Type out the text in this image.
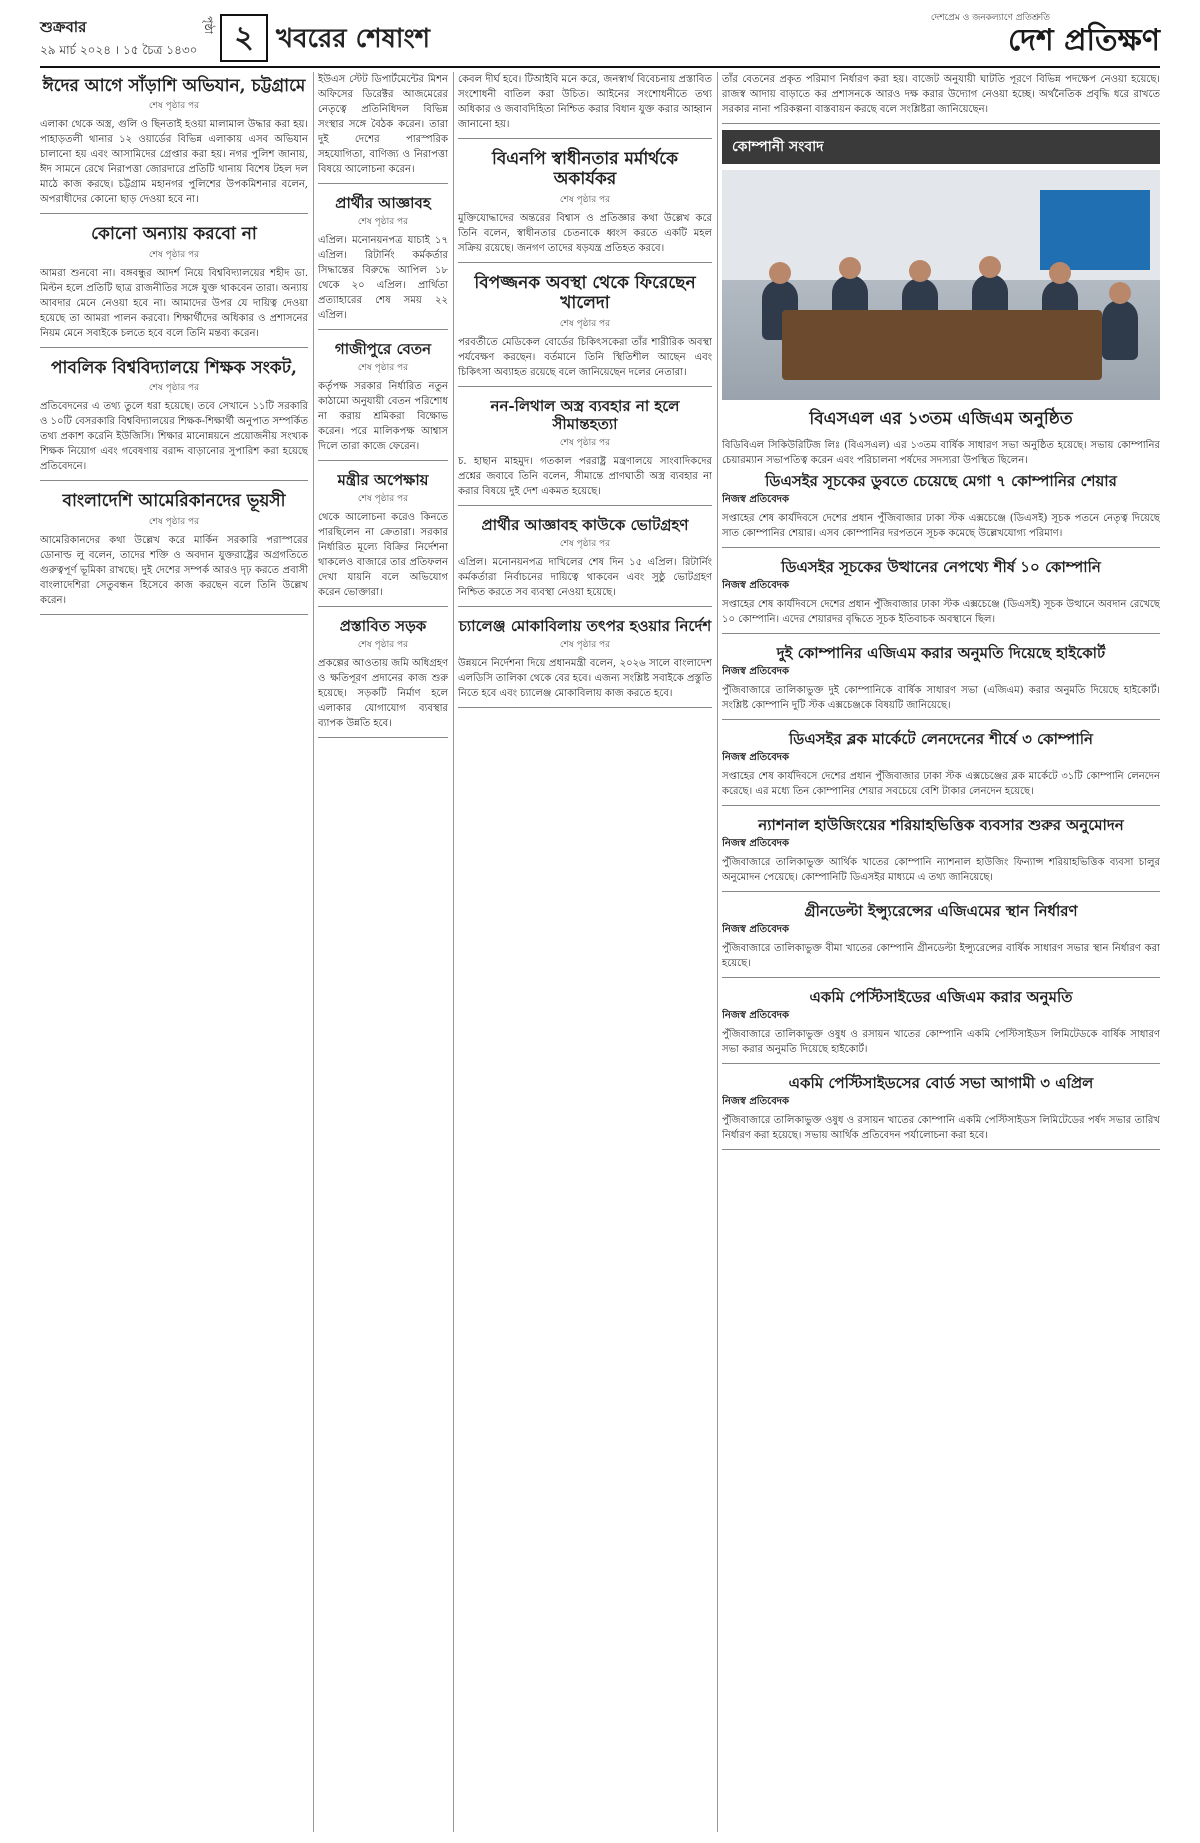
শুক্রবার
২৯ মার্চ ২০২৪ । ১৫ চৈত্র ১৪৩০
পৃষ্ঠা ২ খবরের শেষাংশ
দেশপ্রেম ও জনকল্যাণে প্রতিশ্রুতি
দেশ প্রতিক্ষণ
ঈদের আগে সাঁড়াশি অভিযান, চট্টগ্রামে
শেষ পৃষ্ঠার পর
এলাকা থেকে অস্ত্র, গুলি ও ছিনতাই হওয়া মালামাল উদ্ধার করা হয়। পাহাড়তলী থানার ১২ ওয়ার্ডের বিভিন্ন এলাকায় এসব অভিযান চালানো হয় এবং আসামিদের গ্রেপ্তার করা হয়। নগর পুলিশ জানায়, ঈদ সামনে রেখে নিরাপত্তা জোরদারে প্রতিটি থানায় বিশেষ টহল দল মাঠে কাজ করছে। চট্টগ্রাম মহানগর পুলিশের উপকমিশনার বলেন, অপরাধীদের কোনো ছাড় দেওয়া হবে না।
কোনো অন্যায় করবো না
শেষ পৃষ্ঠার পর
আমরা শুনবো না। বঙ্গবন্ধুর আদর্শ নিয়ে বিশ্ববিদ্যালয়ের শহীদ ডা. মিল্টন হলে প্রতিটি ছাত্র রাজনীতির সঙ্গে যুক্ত থাকবেন তারা। অন্যায় আবদার মেনে নেওয়া হবে না। আমাদের উপর যে দায়িত্ব দেওয়া হয়েছে তা আমরা পালন করবো। শিক্ষার্থীদের অধিকার ও প্রশাসনের নিয়ম মেনে সবাইকে চলতে হবে বলে তিনি মন্তব্য করেন।
পাবলিক বিশ্ববিদ্যালয়ে শিক্ষক সংকট,
শেষ পৃষ্ঠার পর
প্রতিবেদনের এ তথ্য তুলে ধরা হয়েছে। তবে সেখানে ১১টি সরকারি ও ১০টি বেসরকারি বিশ্ববিদ্যালয়ের শিক্ষক-শিক্ষার্থী অনুপাত সম্পর্কিত তথ্য প্রকাশ করেনি ইউজিসি। শিক্ষার মানোন্নয়নে প্রয়োজনীয় সংখ্যক শিক্ষক নিয়োগ এবং গবেষণায় বরাদ্দ বাড়ানোর সুপারিশ করা হয়েছে প্রতিবেদনে।
বাংলাদেশি আমেরিকানদের ভূয়সী
শেষ পৃষ্ঠার পর
আমেরিকানদের কথা উল্লেখ করে মার্কিন সরকারি পরাস্পরের ডোনাল্ড লু বলেন, তাদের শক্তি ও অবদান যুক্তরাষ্ট্রের অগ্রগতিতে গুরুত্বপূর্ণ ভূমিকা রাখছে। দুই দেশের সম্পর্ক আরও দৃঢ় করতে প্রবাসী বাংলাদেশিরা সেতুবন্ধন হিসেবে কাজ করছেন বলে তিনি উল্লেখ করেন।
ইউএস স্টেট ডিপার্টমেন্টের মিশন অফিসের ডিরেক্টর আজমেরের নেতৃত্বে প্রতিনিধিদল বিভিন্ন সংস্থার সঙ্গে বৈঠক করেন। তারা দুই দেশের পারস্পরিক সহযোগিতা, বাণিজ্য ও নিরাপত্তা বিষয়ে আলোচনা করেন।
প্রার্থীর আজ্ঞাবহ
শেষ পৃষ্ঠার পর
এপ্রিল। মনোনয়নপত্র যাচাই ১৭ এপ্রিল। রিটার্নিং কর্মকর্তার সিদ্ধান্তের বিরুদ্ধে আপিল ১৮ থেকে ২০ এপ্রিল। প্রার্থিতা প্রত্যাহারের শেষ সময় ২২ এপ্রিল।
গাজীপুরে বেতন
শেষ পৃষ্ঠার পর
কর্তৃপক্ষ সরকার নির্ধারিত নতুন কাঠামো অনুযায়ী বেতন পরিশোধ না করায় শ্রমিকরা বিক্ষোভ করেন। পরে মালিকপক্ষ আশ্বাস দিলে তারা কাজে ফেরেন।
মন্ত্রীর অপেক্ষায়
শেষ পৃষ্ঠার পর
থেকে আলোচনা করেও কিনতে পারছিলেন না ক্রেতারা। সরকার নির্ধারিত মূল্যে বিক্রির নির্দেশনা থাকলেও বাজারে তার প্রতিফলন দেখা যায়নি বলে অভিযোগ করেন ভোক্তারা।
প্রস্তাবিত সড়ক
শেষ পৃষ্ঠার পর
প্রকল্পের আওতায় জমি অধিগ্রহণ ও ক্ষতিপূরণ প্রদানের কাজ শুরু হয়েছে। সড়কটি নির্মাণ হলে এলাকার যোগাযোগ ব্যবস্থার ব্যাপক উন্নতি হবে।
কেবল দীর্ঘ হবে। টিআইবি মনে করে, জনস্বার্থ বিবেচনায় প্রস্তাবিত সংশোধনী বাতিল করা উচিত। আইনের সংশোধনীতে তথ্য অধিকার ও জবাবদিহিতা নিশ্চিত করার বিধান যুক্ত করার আহ্বান জানানো হয়।
বিএনপি স্বাধীনতার মর্মার্থকে অকার্যকর
শেষ পৃষ্ঠার পর
মুক্তিযোদ্ধাদের অন্তরের বিশ্বাস ও প্রতিজ্ঞার কথা উল্লেখ করে তিনি বলেন, স্বাধীনতার চেতনাকে ধ্বংস করতে একটি মহল সক্রিয় রয়েছে। জনগণ তাদের ষড়যন্ত্র প্রতিহত করবে।
বিপজ্জনক অবস্থা থেকে ফিরেছেন খালেদা
শেষ পৃষ্ঠার পর
পরবর্তীতে মেডিকেল বোর্ডের চিকিৎসকেরা তাঁর শারীরিক অবস্থা পর্যবেক্ষণ করছেন। বর্তমানে তিনি স্থিতিশীল আছেন এবং চিকিৎসা অব্যাহত রয়েছে বলে জানিয়েছেন দলের নেতারা।
নন-লিথাল অস্ত্র ব্যবহার না হলে সীমান্তহত্যা
শেষ পৃষ্ঠার পর
চ. হাছান মাহমুদ। গতকাল পররাষ্ট্র মন্ত্রণালয়ে সাংবাদিকদের প্রশ্নের জবাবে তিনি বলেন, সীমান্তে প্রাণঘাতী অস্ত্র ব্যবহার না করার বিষয়ে দুই দেশ একমত হয়েছে।
প্রার্থীর আজ্ঞাবহ কাউকে ভোটগ্রহণ
শেষ পৃষ্ঠার পর
এপ্রিল। মনোনয়নপত্র দাখিলের শেষ দিন ১৫ এপ্রিল। রিটার্নিং কর্মকর্তারা নির্বাচনের দায়িত্বে থাকবেন এবং সুষ্ঠু ভোটগ্রহণ নিশ্চিত করতে সব ব্যবস্থা নেওয়া হয়েছে।
চ্যালেঞ্জ মোকাবিলায় তৎপর হওয়ার নির্দেশ
শেষ পৃষ্ঠার পর
উন্নয়নে নির্দেশনা দিয়ে প্রধানমন্ত্রী বলেন, ২০২৬ সালে বাংলাদেশ এলডিসি তালিকা থেকে বের হবে। এজন্য সংশ্লিষ্ট সবাইকে প্রস্তুতি নিতে হবে এবং চ্যালেঞ্জ মোকাবিলায় কাজ করতে হবে।
তাঁর বেতনের প্রকৃত পরিমাণ নির্ধারণ করা হয়। বাজেট অনুযায়ী ঘাটতি পূরণে বিভিন্ন পদক্ষেপ নেওয়া হয়েছে। রাজস্ব আদায় বাড়াতে কর প্রশাসনকে আরও দক্ষ করার উদ্যোগ নেওয়া হচ্ছে। অর্থনৈতিক প্রবৃদ্ধি ধরে রাখতে সরকার নানা পরিকল্পনা বাস্তবায়ন করছে বলে সংশ্লিষ্টরা জানিয়েছেন।
কোম্পানী সংবাদ
বিএসএল এর ১৩তম এজিএম অনুষ্ঠিত
বিডিবিএল সিকিউরিটিজ লিঃ (বিএসএল) এর ১৩তম বার্ষিক সাধারণ সভা অনুষ্ঠিত হয়েছে। সভায় কোম্পানির চেয়ারম্যান সভাপতিত্ব করেন এবং পরিচালনা পর্ষদের সদস্যরা উপস্থিত ছিলেন।
ডিএসইর সূচকের ডুবতে চেয়েছে মেগা ৭ কোম্পানির শেয়ার
নিজস্ব প্রতিবেদক
সপ্তাহের শেষ কার্যদিবসে দেশের প্রধান পুঁজিবাজার ঢাকা স্টক এক্সচেঞ্জে (ডিএসই) সূচক পতনে নেতৃত্ব দিয়েছে সাত কোম্পানির শেয়ার। এসব কোম্পানির দরপতনে সূচক কমেছে উল্লেখযোগ্য পরিমাণ।
ডিএসইর সূচকের উত্থানের নেপথ্যে শীর্ষ ১০ কোম্পানি
নিজস্ব প্রতিবেদক
সপ্তাহের শেষ কার্যদিবসে দেশের প্রধান পুঁজিবাজার ঢাকা স্টক এক্সচেঞ্জে (ডিএসই) সূচক উত্থানে অবদান রেখেছে ১০ কোম্পানি। এদের শেয়ারদর বৃদ্ধিতে সূচক ইতিবাচক অবস্থানে ছিল।
দুই কোম্পানির এজিএম করার অনুমতি দিয়েছে হাইকোর্ট
নিজস্ব প্রতিবেদক
পুঁজিবাজারে তালিকাভুক্ত দুই কোম্পানিকে বার্ষিক সাধারণ সভা (এজিএম) করার অনুমতি দিয়েছে হাইকোর্ট। সংশ্লিষ্ট কোম্পানি দুটি স্টক এক্সচেঞ্জকে বিষয়টি জানিয়েছে।
ডিএসইর ব্লক মার্কেটে লেনদেনের শীর্ষে ৩ কোম্পানি
নিজস্ব প্রতিবেদক
সপ্তাহের শেষ কার্যদিবসে দেশের প্রধান পুঁজিবাজার ঢাকা স্টক এক্সচেঞ্জের ব্লক মার্কেটে ৩১টি কোম্পানি লেনদেন করেছে। এর মধ্যে তিন কোম্পানির শেয়ার সবচেয়ে বেশি টাকার লেনদেন হয়েছে।
ন্যাশনাল হাউজিংয়ের শরিয়াহভিত্তিক ব্যবসার শুরুর অনুমোদন
নিজস্ব প্রতিবেদক
পুঁজিবাজারে তালিকাভুক্ত আর্থিক খাতের কোম্পানি ন্যাশনাল হাউজিং ফিন্যান্স শরিয়াহভিত্তিক ব্যবসা চালুর অনুমোদন পেয়েছে। কোম্পানিটি ডিএসইর মাধ্যমে এ তথ্য জানিয়েছে।
গ্রীনডেল্টা ইন্স্যুরেন্সের এজিএমের স্থান নির্ধারণ
নিজস্ব প্রতিবেদক
পুঁজিবাজারে তালিকাভুক্ত বীমা খাতের কোম্পানি গ্রীনডেল্টা ইন্স্যুরেন্সের বার্ষিক সাধারণ সভার স্থান নির্ধারণ করা হয়েছে।
একমি পেস্টিসাইডের এজিএম করার অনুমতি
নিজস্ব প্রতিবেদক
পুঁজিবাজারে তালিকাভুক্ত ওষুধ ও রসায়ন খাতের কোম্পানি একমি পেস্টিসাইডস লিমিটেডকে বার্ষিক সাধারণ সভা করার অনুমতি দিয়েছে হাইকোর্ট।
একমি পেস্টিসাইডসের বোর্ড সভা আগামী ৩ এপ্রিল
নিজস্ব প্রতিবেদক
পুঁজিবাজারে তালিকাভুক্ত ওষুধ ও রসায়ন খাতের কোম্পানি একমি পেস্টিসাইডস লিমিটেডের পর্ষদ সভার তারিখ নির্ধারণ করা হয়েছে। সভায় আর্থিক প্রতিবেদন পর্যালোচনা করা হবে।
